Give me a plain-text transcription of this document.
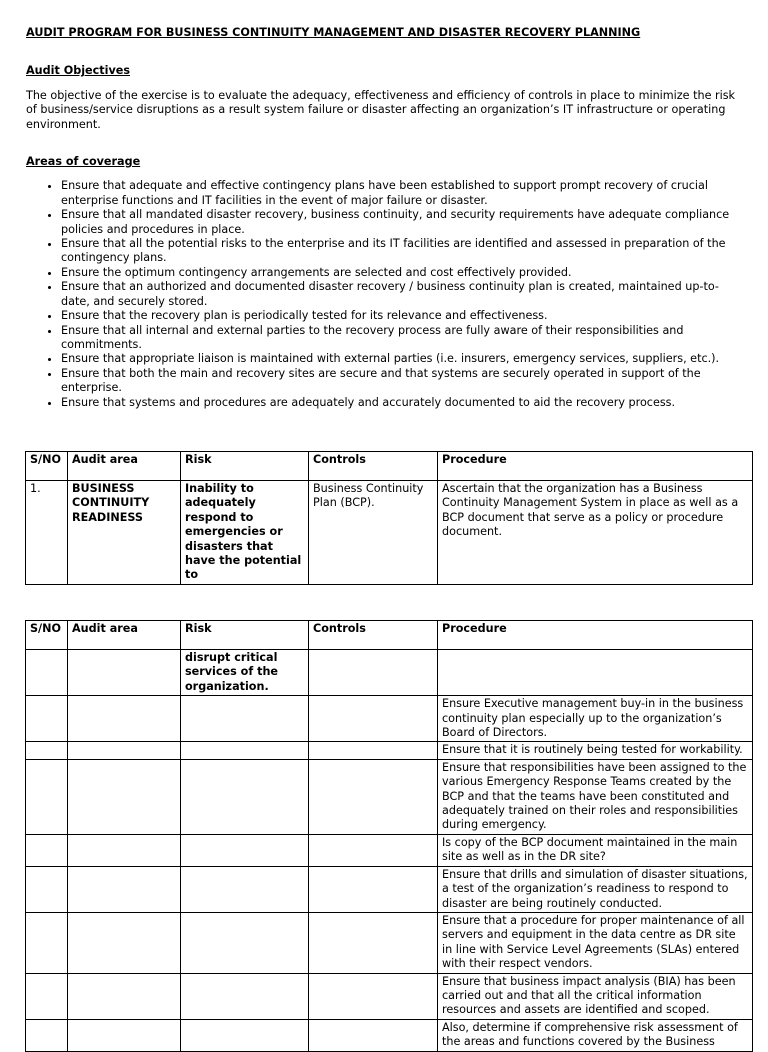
AUDIT PROGRAM FOR BUSINESS CONTINUITY MANAGEMENT AND DISASTER RECOVERY PLANNING

Audit Objectives

The objective of the exercise is to evaluate the adequacy, effectiveness and efficiency of controls in place to minimize the risk of business/service disruptions as a result system failure or disaster affecting an organization’s IT infrastructure or operating environment.

Areas of coverage

• Ensure that adequate and effective contingency plans have been established to support prompt recovery of crucial enterprise functions and IT facilities in the event of major failure or disaster.
• Ensure that all mandated disaster recovery, business continuity, and security requirements have adequate compliance policies and procedures in place.
• Ensure that all the potential risks to the enterprise and its IT facilities are identified and assessed in preparation of the contingency plans.
• Ensure the optimum contingency arrangements are selected and cost effectively provided.
• Ensure that an authorized and documented disaster recovery / business continuity plan is created, maintained up-to-date, and securely stored.
• Ensure that the recovery plan is periodically tested for its relevance and effectiveness.
• Ensure that all internal and external parties to the recovery process are fully aware of their responsibilities and commitments.
• Ensure that appropriate liaison is maintained with external parties (i.e. insurers, emergency services, suppliers, etc.).
• Ensure that both the main and recovery sites are secure and that systems are securely operated in support of the enterprise.
• Ensure that systems and procedures are adequately and accurately documented to aid the recovery process.
S/NO	Audit area	Risk	Controls	Procedure
1.	BUSINESS CONTINUITY READINESS	Inability to adequately respond to emergencies or disasters that have the potential to	Business Continuity Plan (BCP).	Ascertain that the organization has a Business Continuity Management System in place as well as a BCP document that serve as a policy or procedure document.
S/NO	Audit area	Risk	Controls	Procedure
		disrupt critical services of the organization.		
				Ensure Executive management buy-in in the business continuity plan especially up to the organization’s Board of Directors.
				Ensure that it is routinely being tested for workability.
				Ensure that responsibilities have been assigned to the various Emergency Response Teams created by the BCP and that the teams have been constituted and adequately trained on their roles and responsibilities during emergency.
				Is copy of the BCP document maintained in the main site as well as in the DR site?
				Ensure that drills and simulation of disaster situations, a test of the organization’s readiness to respond to disaster are being routinely conducted.
				Ensure that a procedure for proper maintenance of all servers and equipment in the data centre as DR site in line with Service Level Agreements (SLAs) entered with their respect vendors.
				Ensure that business impact analysis (BIA) has been carried out and that all the critical information resources and assets are identified and scoped.
				Also, determine if comprehensive risk assessment of the areas and functions covered by the Business
